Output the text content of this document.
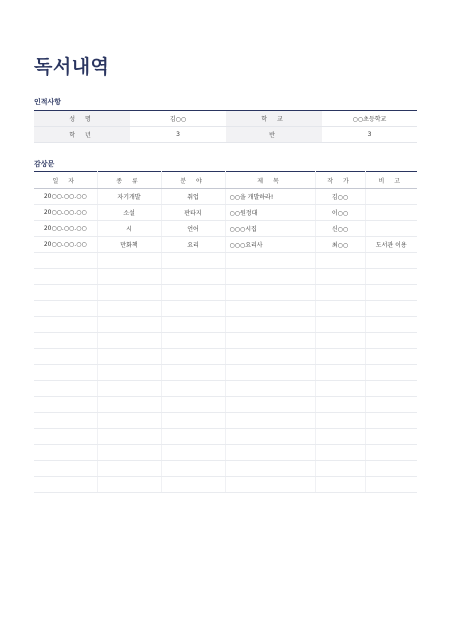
독서내역
인적사항
성 명	김○○	학 교	○○초등학교
학 년	3	반	3
감상문
일 자	종 류	분 야	제 목	작 가	비 고
20○○.○○.○○	자기개발	취업	○○을 개발하라!	김○○	
20○○.○○.○○	소설	판타지	○○원정대	이○○	
20○○.○○.○○	시	언어	○○○시집	신○○	
20○○.○○.○○	만화책	요리	○○○요리사	최○○	도서관 이용
